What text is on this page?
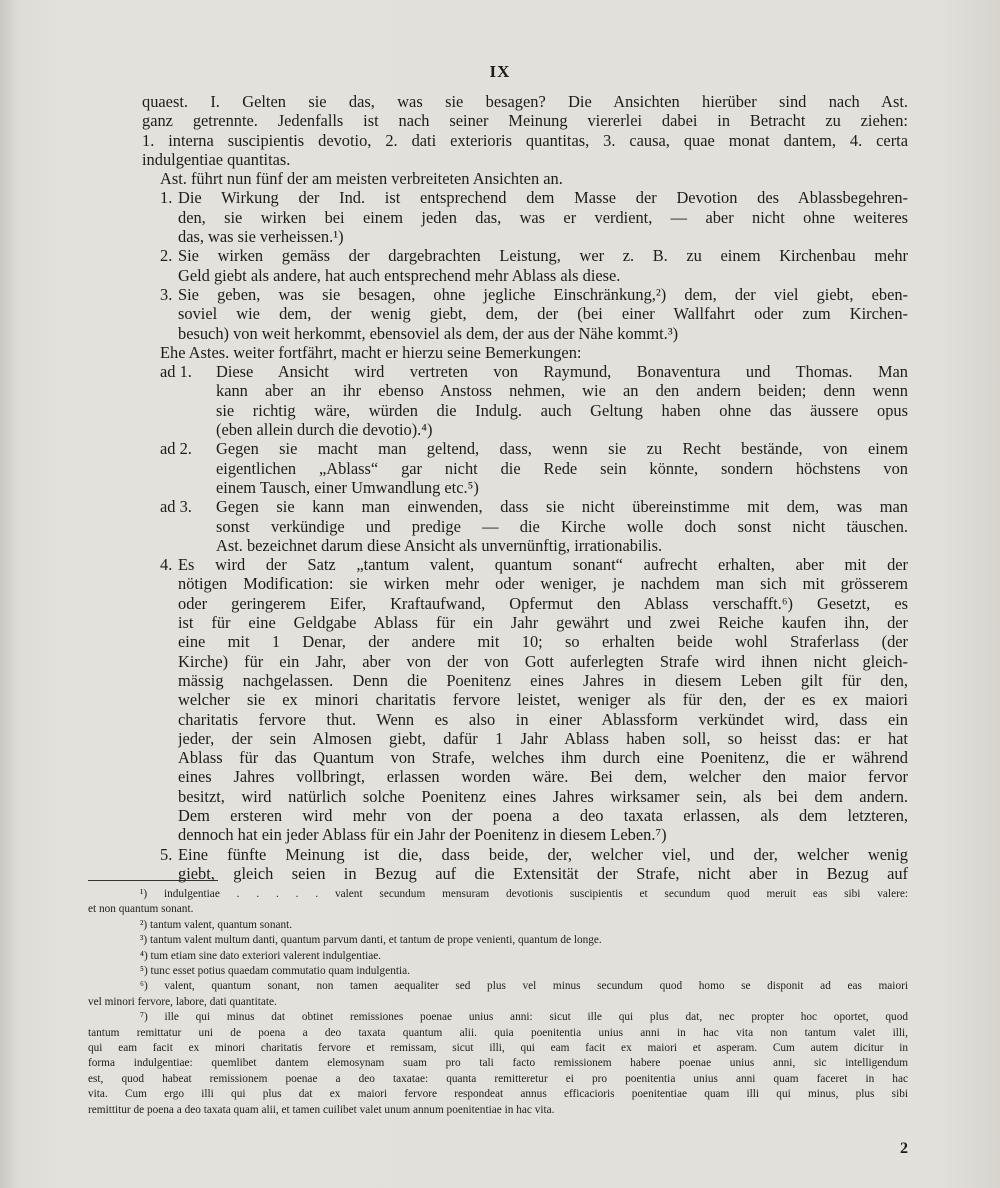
IX
quaest. I. Gelten sie das, was sie besagen? Die Ansichten hierüber sind nach Ast.
ganz getrennte. Jedenfalls ist nach seiner Meinung viererlei dabei in Betracht zu ziehen:
1. interna suscipientis devotio, 2. dati exterioris quantitas, 3. causa, quae monat dantem, 4. certa
indulgentiae quantitas.
Ast. führt nun fünf der am meisten verbreiteten Ansichten an.
1. Die Wirkung der Ind. ist entsprechend dem Masse der Devotion des Ablassbegehren-
den, sie wirken bei einem jeden das, was er verdient, — aber nicht ohne weiteres
das, was sie verheissen.¹)
2. Sie wirken gemäss der dargebrachten Leistung, wer z. B. zu einem Kirchenbau mehr
Geld giebt als andere, hat auch entsprechend mehr Ablass als diese.
3. Sie geben, was sie besagen, ohne jegliche Einschränkung,²) dem, der viel giebt, eben-
soviel wie dem, der wenig giebt, dem, der (bei einer Wallfahrt oder zum Kirchen-
besuch) von weit herkommt, ebensoviel als dem, der aus der Nähe kommt.³)
Ehe Astes. weiter fortfährt, macht er hierzu seine Bemerkungen:
ad 1.	Diese Ansicht wird vertreten von Raymund, Bonaventura und Thomas. Man
kann aber an ihr ebenso Anstoss nehmen, wie an den andern beiden; denn wenn
sie richtig wäre, würden die Indulg. auch Geltung haben ohne das äussere opus
(eben allein durch die devotio).⁴)
ad 2.	Gegen sie macht man geltend, dass, wenn sie zu Recht bestände, von einem
eigentlichen „Ablass“ gar nicht die Rede sein könnte, sondern höchstens von
einem Tausch, einer Umwandlung etc.⁵)
ad 3.	Gegen sie kann man einwenden, dass sie nicht übereinstimme mit dem, was man
sonst verkündige und predige — die Kirche wolle doch sonst nicht täuschen.
Ast. bezeichnet darum diese Ansicht als unvernünftig, irrationabilis.
4. Es wird der Satz „tantum valent, quantum sonant“ aufrecht erhalten, aber mit der
nötigen Modification: sie wirken mehr oder weniger, je nachdem man sich mit grösserem
oder geringerem Eifer, Kraftaufwand, Opfermut den Ablass verschafft.⁶) Gesetzt, es
ist für eine Geldgabe Ablass für ein Jahr gewährt und zwei Reiche kaufen ihn, der
eine mit 1 Denar, der andere mit 10; so erhalten beide wohl Straferlass (der
Kirche) für ein Jahr, aber von der von Gott auferlegten Strafe wird ihnen nicht gleich-
mässig nachgelassen. Denn die Poenitenz eines Jahres in diesem Leben gilt für den,
welcher sie ex minori charitatis fervore leistet, weniger als für den, der es ex maiori
charitatis fervore thut. Wenn es also in einer Ablassform verkündet wird, dass ein
jeder, der sein Almosen giebt, dafür 1 Jahr Ablass haben soll, so heisst das: er hat
Ablass für das Quantum von Strafe, welches ihm durch eine Poenitenz, die er während
eines Jahres vollbringt, erlassen worden wäre. Bei dem, welcher den maior fervor
besitzt, wird natürlich solche Poenitenz eines Jahres wirksamer sein, als bei dem andern.
Dem ersteren wird mehr von der poena a deo taxata erlassen, als dem letzteren,
dennoch hat ein jeder Ablass für ein Jahr der Poenitenz in diesem Leben.⁷)
5. Eine fünfte Meinung ist die, dass beide, der, welcher viel, und der, welcher wenig
giebt, gleich seien in Bezug auf die Extensität der Strafe, nicht aber in Bezug auf
¹) indulgentiae . . . . . valent secundum mensuram devotionis suscipientis et secundum quod meruit eas sibi valere:
et non quantum sonant.
²) tantum valent, quantum sonant.
³) tantum valent multum danti, quantum parvum danti, et tantum de prope venienti, quantum de longe.
⁴) tum etiam sine dato exteriori valerent indulgentiae.
⁵) tunc esset potius quaedam commutatio quam indulgentia.
⁶) valent, quantum sonant, non tamen aequaliter sed plus vel minus secundum quod homo se disponit ad eas maiori
vel minori fervore, labore, dati quantitate.
⁷) ille qui minus dat obtinet remissiones poenae unius anni: sicut ille qui plus dat, nec propter hoc oportet, quod
tantum remittatur uni de poena a deo taxata quantum alii. quia poenitentia unius anni in hac vita non tantum valet illi,
qui eam facit ex minori charitatis fervore et remissam, sicut illi, qui eam facit ex maiori et asperam. Cum autem dicitur in
forma indulgentiae: quemlibet dantem elemosynam suam pro tali facto remissionem habere poenae unius anni, sic intelligendum
est, quod habeat remissionem poenae a deo taxatae: quanta remitteretur ei pro poenitentia unius anni quam faceret in hac
vita. Cum ergo illi qui plus dat ex maiori fervore respondeat annus efficacioris poenitentiae quam illi qui minus, plus sibi
remittitur de poena a deo taxata quam alii, et tamen cuilibet valet unum annum poenitentiae in hac vita.
2
